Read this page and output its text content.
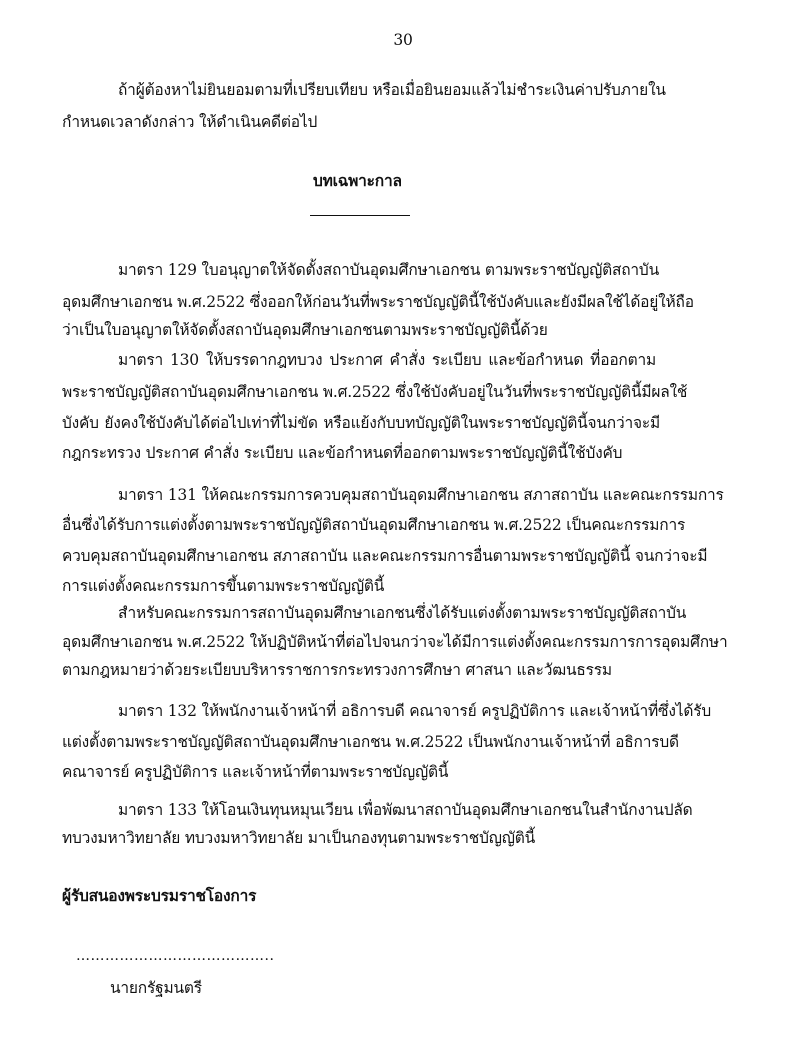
30
ถ้าผู้ต้องหาไม่ยินยอมตามที่เปรียบเทียบ หรือเมื่อยินยอมแล้วไม่ชำระเงินค่าปรับภายใน
กำหนดเวลาดังกล่าว ให้ดำเนินคดีต่อไป
บทเฉพาะกาล
มาตรา 129 ใบอนุญาตให้จัดตั้งสถาบันอุดมศึกษาเอกชน ตามพระราชบัญญัติสถาบัน
อุดมศึกษาเอกชน พ.ศ.2522 ซึ่งออกให้ก่อนวันที่พระราชบัญญัตินี้ใช้บังคับและยังมีผลใช้ได้อยู่ให้ถือ
ว่าเป็นใบอนุญาตให้จัดตั้งสถาบันอุดมศึกษาเอกชนตามพระราชบัญญัตินี้ด้วย
มาตรา 130 ให้บรรดากฎทบวง ประกาศ คำสั่ง ระเบียบ และข้อกำหนด ที่ออกตาม
พระราชบัญญัติสถาบันอุดมศึกษาเอกชน พ.ศ.2522 ซึ่งใช้บังคับอยู่ในวันที่พระราชบัญญัตินี้มีผลใช้
บังคับ ยังคงใช้บังคับได้ต่อไปเท่าที่ไม่ขัด หรือแย้งกับบทบัญญัติในพระราชบัญญัตินี้จนกว่าจะมี
กฎกระทรวง ประกาศ คำสั่ง ระเบียบ และข้อกำหนดที่ออกตามพระราชบัญญัตินี้ใช้บังคับ
มาตรา 131 ให้คณะกรรมการควบคุมสถาบันอุดมศึกษาเอกชน สภาสถาบัน และคณะกรรมการ
อื่นซึ่งได้รับการแต่งตั้งตามพระราชบัญญัติสถาบันอุดมศึกษาเอกชน พ.ศ.2522 เป็นคณะกรรมการ
ควบคุมสถาบันอุดมศึกษาเอกชน สภาสถาบัน และคณะกรรมการอื่นตามพระราชบัญญัตินี้ จนกว่าจะมี
การแต่งตั้งคณะกรรมการขึ้นตามพระราชบัญญัตินี้
สำหรับคณะกรรมการสถาบันอุดมศึกษาเอกชนซึ่งได้รับแต่งตั้งตามพระราชบัญญัติสถาบัน
อุดมศึกษาเอกชน พ.ศ.2522 ให้ปฏิบัติหน้าที่ต่อไปจนกว่าจะได้มีการแต่งตั้งคณะกรรมการการอุดมศึกษา
ตามกฎหมายว่าด้วยระเบียบบริหารราชการกระทรวงการศึกษา ศาสนา และวัฒนธรรม
มาตรา 132 ให้พนักงานเจ้าหน้าที่ อธิการบดี คณาจารย์ ครูปฏิบัติการ และเจ้าหน้าที่ซึ่งได้รับ
แต่งตั้งตามพระราชบัญญัติสถาบันอุดมศึกษาเอกชน พ.ศ.2522 เป็นพนักงานเจ้าหน้าที่ อธิการบดี
คณาจารย์ ครูปฏิบัติการ และเจ้าหน้าที่ตามพระราชบัญญัตินี้
มาตรา 133 ให้โอนเงินทุนหมุนเวียน เพื่อพัฒนาสถาบันอุดมศึกษาเอกชนในสำนักงานปลัด
ทบวงมหาวิทยาลัย ทบวงมหาวิทยาลัย มาเป็นกองทุนตามพระราชบัญญัตินี้
ผู้รับสนองพระบรมราชโองการ
…………………………………..
นายกรัฐมนตรี
